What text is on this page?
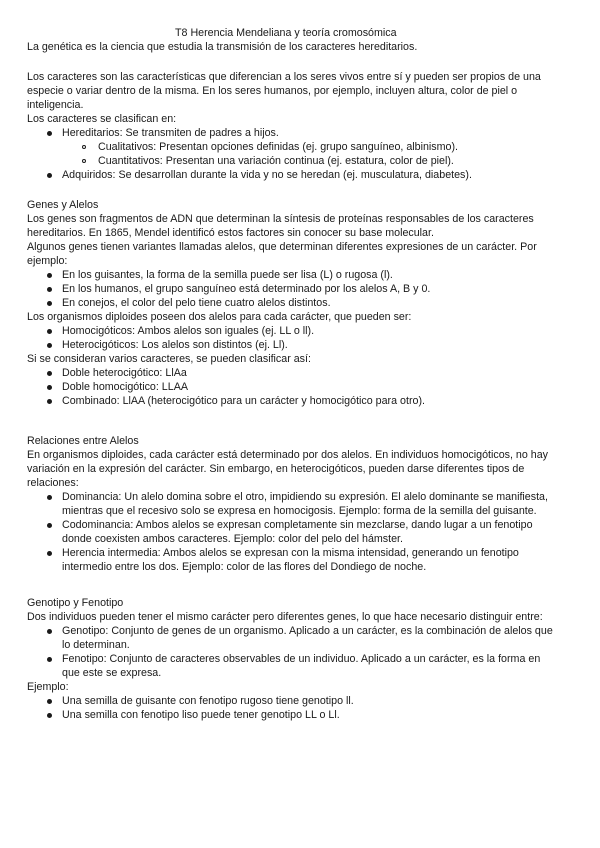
T8 Herencia Mendeliana y teoría cromosómica
La genética es la ciencia que estudia la transmisión de los caracteres hereditarios.
Los caracteres son las características que diferencian a los seres vivos entre sí y pueden ser propios de una
especie o variar dentro de la misma. En los seres humanos, por ejemplo, incluyen altura, color de piel o
inteligencia.
Los caracteres se clasifican en:
Hereditarios: Se transmiten de padres a hijos.
Cualitativos: Presentan opciones definidas (ej. grupo sanguíneo, albinismo).
Cuantitativos: Presentan una variación continua (ej. estatura, color de piel).
Adquiridos: Se desarrollan durante la vida y no se heredan (ej. musculatura, diabetes).
Genes y Alelos
Los genes son fragmentos de ADN que determinan la síntesis de proteínas responsables de los caracteres
hereditarios. En 1865, Mendel identificó estos factores sin conocer su base molecular.
Algunos genes tienen variantes llamadas alelos, que determinan diferentes expresiones de un carácter. Por
ejemplo:
En los guisantes, la forma de la semilla puede ser lisa (L) o rugosa (l).
En los humanos, el grupo sanguíneo está determinado por los alelos A, B y 0.
En conejos, el color del pelo tiene cuatro alelos distintos.
Los organismos diploides poseen dos alelos para cada carácter, que pueden ser:
Homocigóticos: Ambos alelos son iguales (ej. LL o ll).
Heterocigóticos: Los alelos son distintos (ej. Ll).
Si se consideran varios caracteres, se pueden clasificar así:
Doble heterocigótico: LlAa
Doble homocigótico: LLAA
Combinado: LlAA (heterocigótico para un carácter y homocigótico para otro).
Relaciones entre Alelos
En organismos diploides, cada carácter está determinado por dos alelos. En individuos homocigóticos, no hay
variación en la expresión del carácter. Sin embargo, en heterocigóticos, pueden darse diferentes tipos de
relaciones:
Dominancia: Un alelo domina sobre el otro, impidiendo su expresión. El alelo dominante se manifiesta,
mientras que el recesivo solo se expresa en homocigosis. Ejemplo: forma de la semilla del guisante.
Codominancia: Ambos alelos se expresan completamente sin mezclarse, dando lugar a un fenotipo
donde coexisten ambos caracteres. Ejemplo: color del pelo del hámster.
Herencia intermedia: Ambos alelos se expresan con la misma intensidad, generando un fenotipo
intermedio entre los dos. Ejemplo: color de las flores del Dondiego de noche.
Genotipo y Fenotipo
Dos individuos pueden tener el mismo carácter pero diferentes genes, lo que hace necesario distinguir entre:
Genotipo: Conjunto de genes de un organismo. Aplicado a un carácter, es la combinación de alelos que
lo determinan.
Fenotipo: Conjunto de caracteres observables de un individuo. Aplicado a un carácter, es la forma en
que este se expresa.
Ejemplo:
Una semilla de guisante con fenotipo rugoso tiene genotipo ll.
Una semilla con fenotipo liso puede tener genotipo LL o Ll.
